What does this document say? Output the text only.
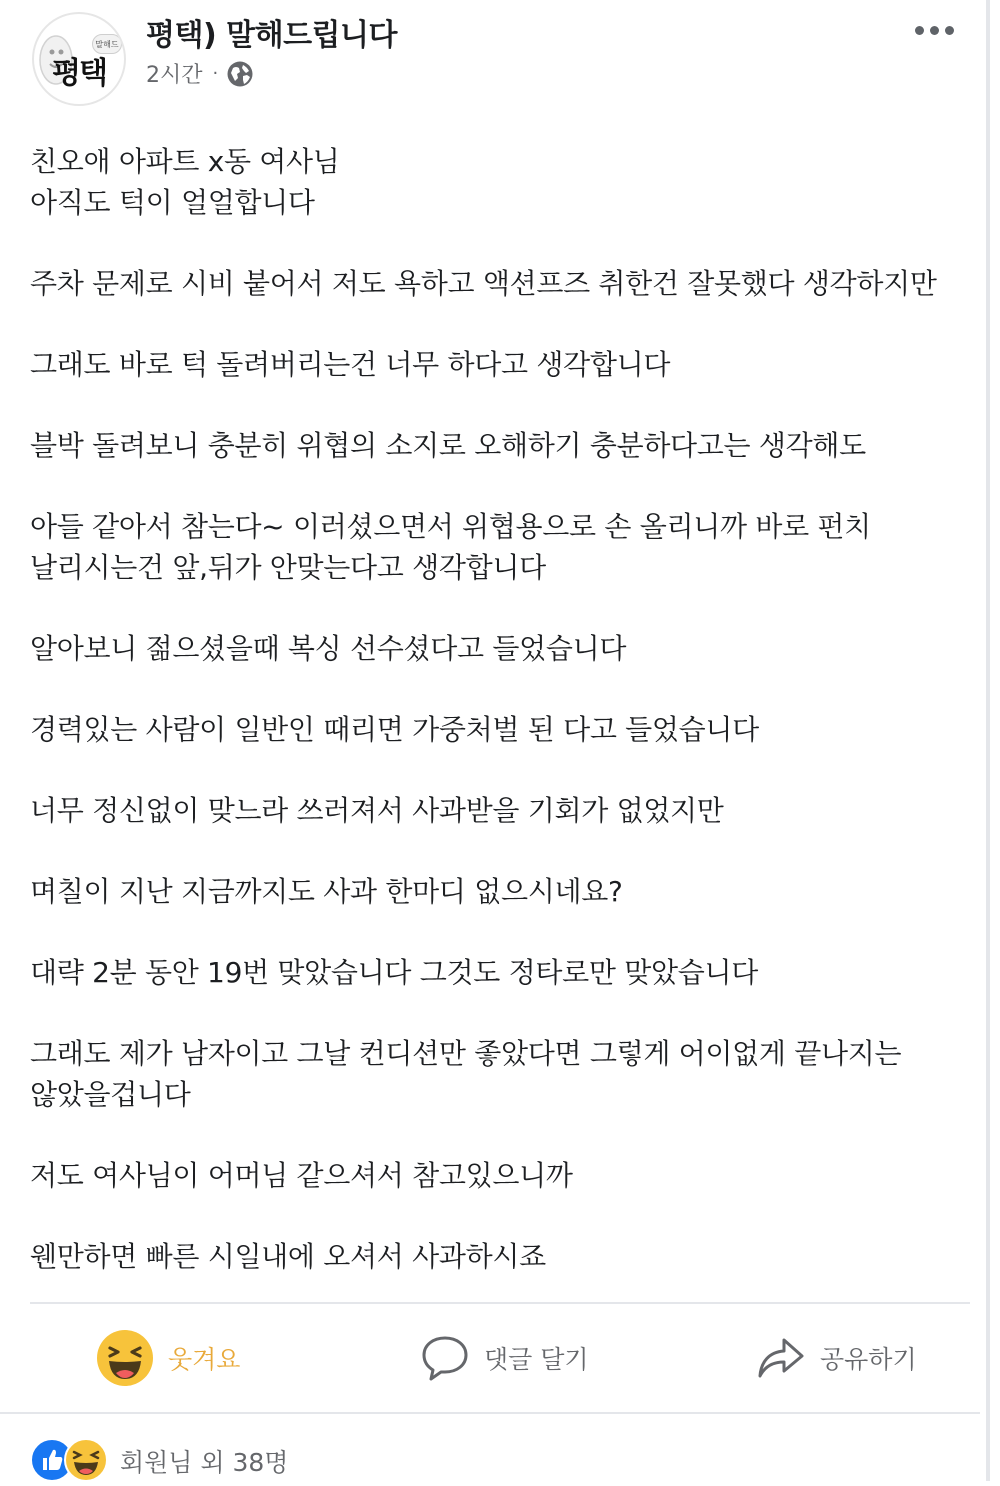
말해드
평택
평택) 말해드립니다
2시간 ·
친오애 아파트 x동 여사님
아직도 턱이 얼얼합니다
주차 문제로 시비 붙어서 저도 욕하고 액션프즈 취한건 잘못했다 생각하지만
그래도 바로 턱 돌려버리는건 너무 하다고 생각합니다
블박 돌려보니 충분히 위협의 소지로 오해하기 충분하다고는 생각해도
아들 같아서 참는다~ 이러셨으면서 위협용으로 손 올리니까 바로 펀치
날리시는건 앞,뒤가 안맞는다고 생각합니다
알아보니 젊으셨을때 복싱 선수셨다고 들었습니다
경력있는 사람이 일반인 때리면 가중처벌 된 다고 들었습니다
너무 정신없이 맞느라 쓰러져서 사과받을 기회가 없었지만
며칠이 지난 지금까지도 사과 한마디 없으시네요?
대략 2분 동안 19번 맞았습니다 그것도 정타로만 맞았습니다
그래도 제가 남자이고 그날 컨디션만 좋았다면 그렇게 어이없게 끝나지는
않았을겁니다
저도 여사님이 어머님 같으셔서 참고있으니까
웬만하면 빠른 시일내에 오셔서 사과하시죠
웃겨요	댓글 달기	공유하기
회원님 외 38명
